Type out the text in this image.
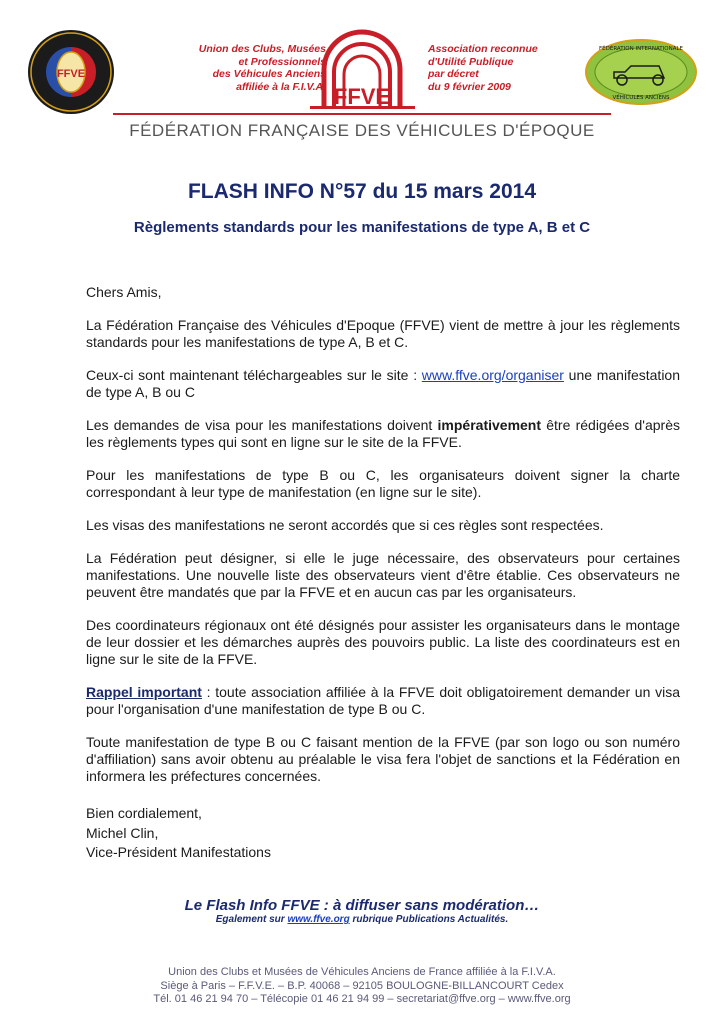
FFVE
Union des Clubs, Musées
et Professionnels
des Véhicules Anciens
affiliée à la F.I.V.A. FFVE
Association reconnue
d'Utilité Publique
par décret
du 9 février 2009
FÉDÉRATION INTERNATIONALE
VÉHICULES ANCIENS
FÉDÉRATION FRANÇAISE DES VÉHICULES D'ÉPOQUE
FLASH INFO N°57 du 15 mars 2014
Règlements standards pour les manifestations de type A, B et C

Chers Amis,

La Fédération Française des Véhicules d'Epoque (FFVE) vient de mettre à jour les règlements standards pour les manifestations de type A, B et C.

Ceux-ci sont maintenant téléchargeables sur le site : www.ffve.org/organiser une manifestation de type A, B ou C

Les demandes de visa pour les manifestations doivent impérativement être rédigées d'après les règlements types qui sont en ligne sur le site de la FFVE.

Pour les manifestations de type B ou C, les organisateurs doivent signer la charte correspondant à leur type de manifestation (en ligne sur le site).

Les visas des manifestations ne seront accordés que si ces règles sont respectées.

La Fédération peut désigner, si elle le juge nécessaire, des observateurs pour certaines manifestations. Une nouvelle liste des observateurs vient d'être établie. Ces observateurs ne peuvent être mandatés que par la FFVE et en aucun cas par les organisateurs.

Des coordinateurs régionaux ont été désignés pour assister les organisateurs dans le montage de leur dossier et les démarches auprès des pouvoirs public. La liste des coordinateurs est en ligne sur le site de la FFVE.

Rappel important : toute association affiliée à la FFVE doit obligatoirement demander un visa pour l'organisation d'une manifestation de type B ou C.

Toute manifestation de type B ou C faisant mention de la FFVE (par son logo ou son numéro d'affiliation) sans avoir obtenu au préalable le visa fera l'objet de sanctions et la Fédération en informera les préfectures concernées.

Bien cordialement,
Michel Clin,
Vice-Président Manifestations
Le Flash Info FFVE : à diffuser sans modération…
Egalement sur www.ffve.org rubrique Publications Actualités.
Union des Clubs et Musées de Véhicules Anciens de France affiliée à la F.I.V.A.
Siège à Paris – F.F.V.E. – B.P. 40068 – 92105 BOULOGNE-BILLANCOURT Cedex
Tél. 01 46 21 94 70 – Télécopie 01 46 21 94 99 – secretariat@ffve.org – www.ffve.org
